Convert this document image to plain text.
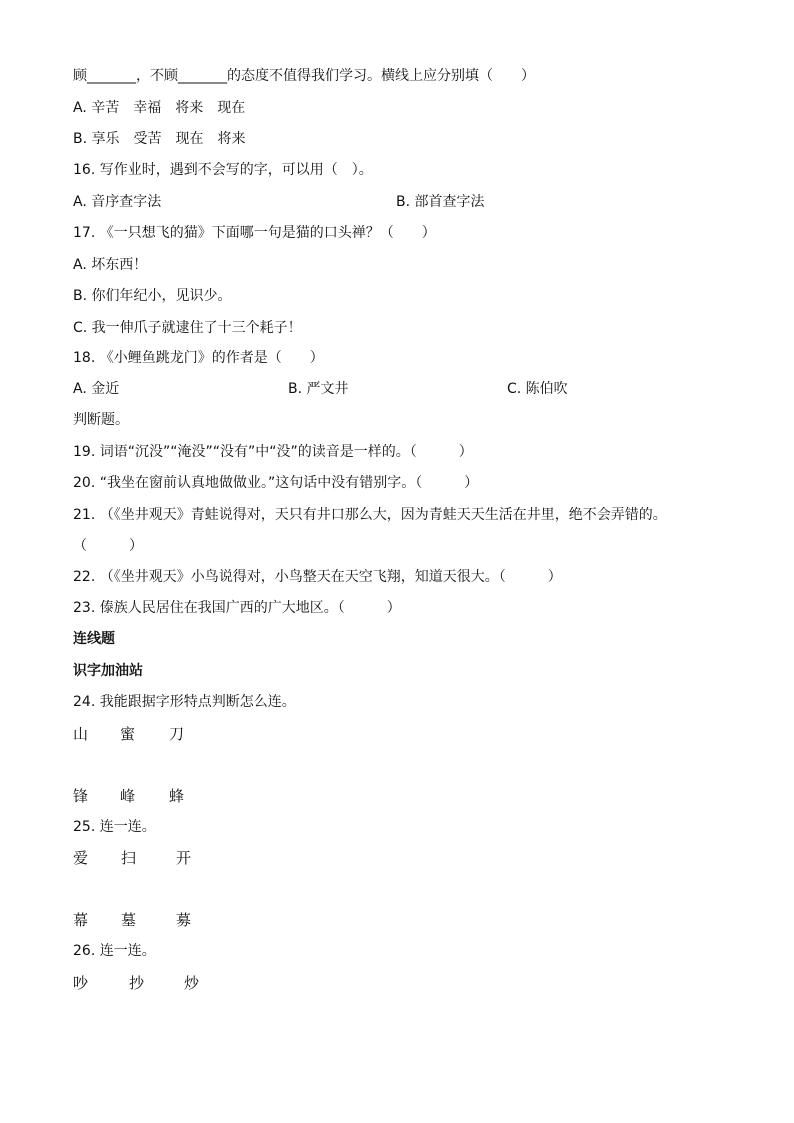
顾_______，不顾_______的态度不值得我们学习。横线上应分别填（　　）
A. 辛苦　幸福　将来　现在
B. 享乐　受苦　现在　将来
16. 写作业时，遇到不会写的字，可以用（　）。
A. 音序查字法	B. 部首查字法
17. 《一只想飞的猫》下面哪一句是猫的口头禅？（　　）
A. 坏东西！
B. 你们年纪小，见识少。
C. 我一伸爪子就逮住了十三个耗子！
18. 《小鲤鱼跳龙门》的作者是（　　）
A. 金近	B. 严文井	C. 陈伯吹
判断题。
19. 词语“沉没”“淹没”“没有”中“没”的读音是一样的。（　　　）
20. “我坐在窗前认真地做做业。”这句话中没有错别字。（　　　）
21. （《坐井观天》青蛙说得对，天只有井口那么大，因为青蛙天天生活在井里，绝不会弄错的。
（　　　）
22. （《坐井观天》小鸟说得对，小鸟整天在天空飞翔，知道天很大。（　　　）
23. 傣族人民居住在我国广西的广大地区。（　　　）
连线题
识字加油站
24. 我能跟据字形特点判断怎么连。
山 蜜 刀
锋 峰 蜂
25. 连一连。
爱 扫	开
幕 墓	募
26. 连一连。
吵	抄	炒
